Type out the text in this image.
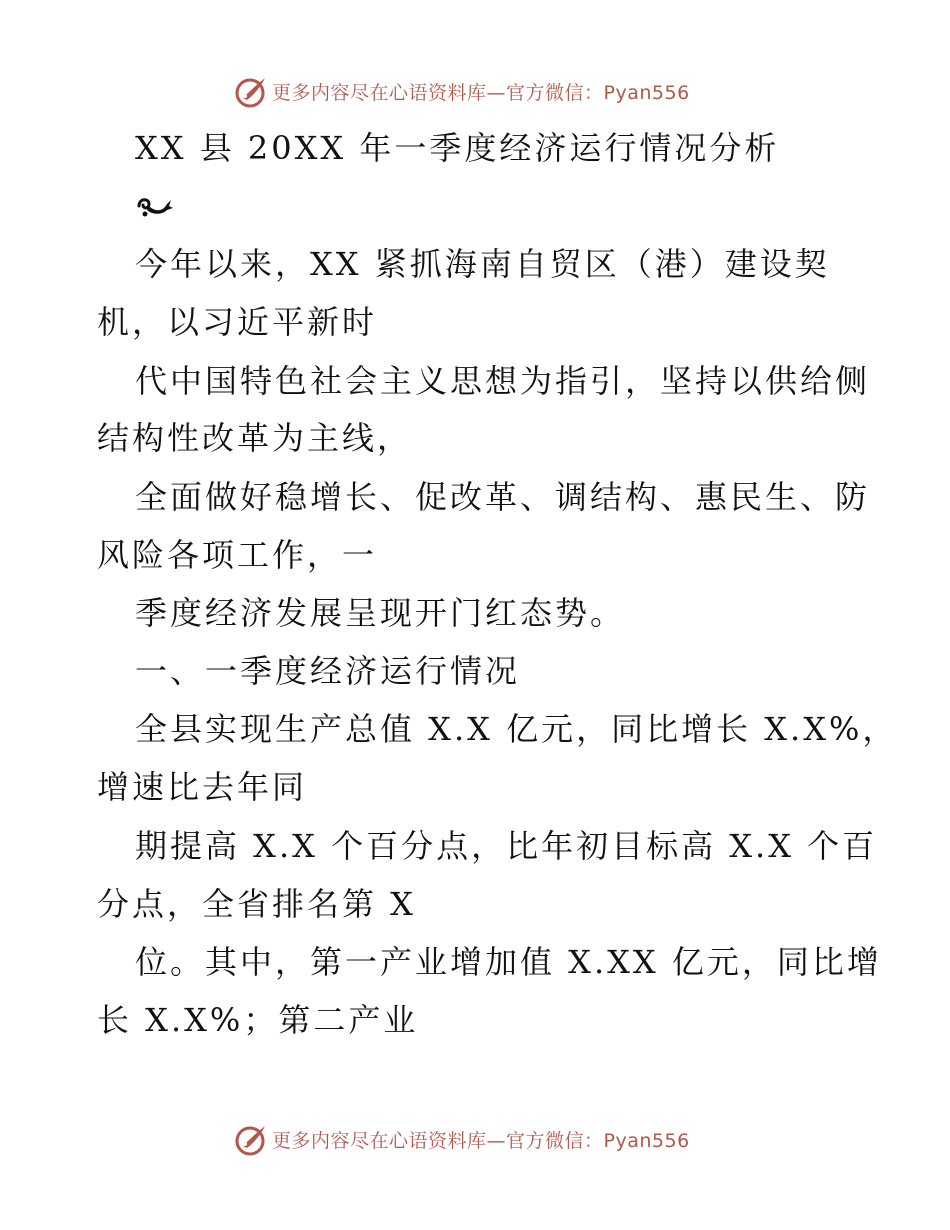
更多内容尽在心语资料库—官方微信：Pyan556
XX 县 20XX 年一季度经济运行情况分析
今年以来，XX 紧抓海南自贸区（港）建设契
机，以习近平新时
代中国特色社会主义思想为指引，坚持以供给侧
结构性改革为主线，
全面做好稳增长、促改革、调结构、惠民生、防
风险各项工作，一
季度经济发展呈现开门红态势。
一、一季度经济运行情况
全县实现生产总值 X.X 亿元，同比增长 X.X%，
增速比去年同
期提高 X.X 个百分点，比年初目标高 X.X 个百
分点，全省排名第 X
位。其中，第一产业增加值 X.XX 亿元，同比增
长 X.X%；第二产业
更多内容尽在心语资料库—官方微信：Pyan556
